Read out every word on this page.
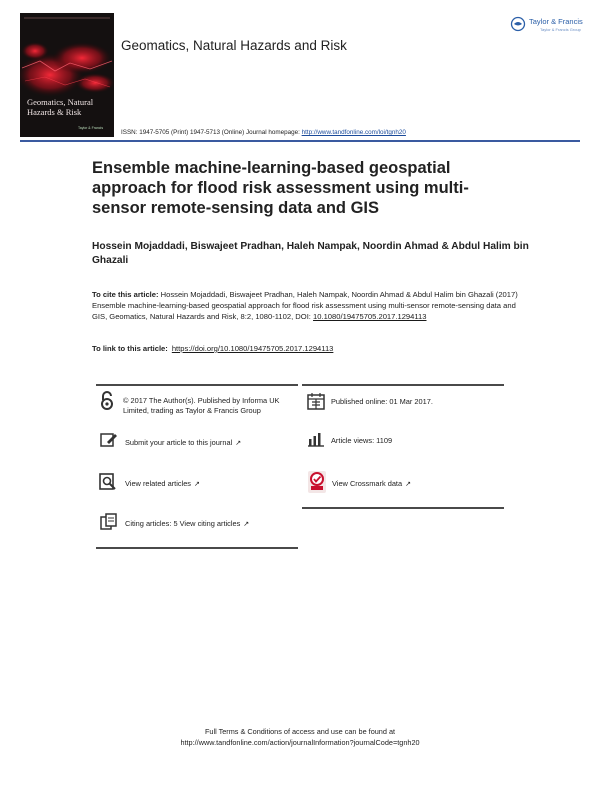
Geomatics, Natural Hazards & Risk
Taylor & Francis
Geomatics, Natural Hazards and Risk
Taylor & Francis
Taylor & Francis Group
ISSN: 1947-5705 (Print) 1947-5713 (Online) Journal homepage: http://www.tandfonline.com/loi/tgnh20
Ensemble machine-learning-based geospatial approach for flood risk assessment using multi-sensor remote-sensing data and GIS
Hossein Mojaddadi, Biswajeet Pradhan, Haleh Nampak, Noordin Ahmad & Abdul Halim bin Ghazali
To cite this article: Hossein Mojaddadi, Biswajeet Pradhan, Haleh Nampak, Noordin Ahmad & Abdul Halim bin Ghazali (2017) Ensemble machine-learning-based geospatial approach for flood risk assessment using multi-sensor remote-sensing data and GIS, Geomatics, Natural Hazards and Risk, 8:2, 1080-1102, DOI: 10.1080/19475705.2017.1294113
To link to this article: https://doi.org/10.1080/19475705.2017.1294113
© 2017 The Author(s). Published by Informa UK Limited, trading as Taylor & Francis Group
Submit your article to this journal ↗
View related articles ↗
Citing articles: 5 View citing articles ↗
Published online: 01 Mar 2017.
Article views: 1109
View Crossmark data ↗
Full Terms & Conditions of access and use can be found at
http://www.tandfonline.com/action/journalInformation?journalCode=tgnh20
